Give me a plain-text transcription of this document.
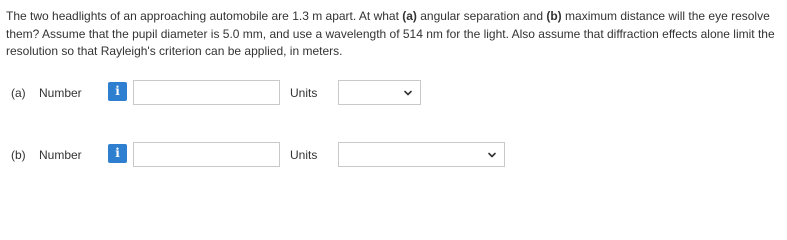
The two headlights of an approaching automobile are 1.3 m apart. At what (a) angular separation and (b) maximum distance will the eye resolve them? Assume that the pupil diameter is 5.0 mm, and use a wavelength of 514 nm for the light. Also assume that diffraction effects alone limit the resolution so that Rayleigh's criterion can be applied, in meters.

(a) Number	i	Units
(b) Number	i	Units
